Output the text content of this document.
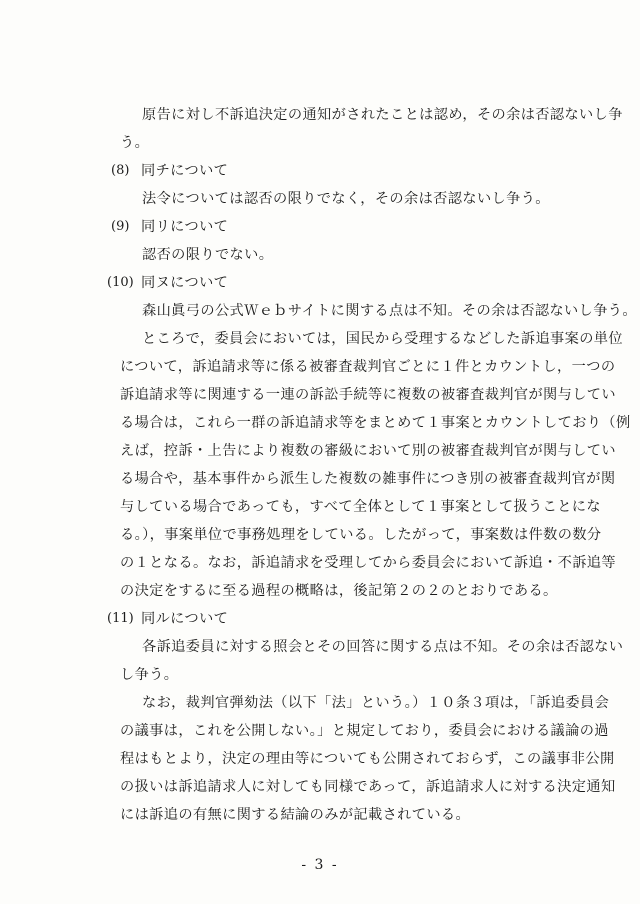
原告に対し不訴追決定の通知がされたことは認め，その余は否認ないし争
う。
(8) 同チについて
法令については認否の限りでなく，その余は否認ないし争う。
(9) 同リについて
認否の限りでない。
(10) 同ヌについて
森山眞弓の公式Ｗｅｂサイトに関する点は不知。その余は否認ないし争う。
ところで，委員会においては，国民から受理するなどした訴追事案の単位
について，訴追請求等に係る被審査裁判官ごとに１件とカウントし，一つの
訴追請求等に関連する一連の訴訟手続等に複数の被審査裁判官が関与してい
る場合は，これら一群の訴追請求等をまとめて１事案とカウントしており（例
えば，控訴・上告により複数の審級において別の被審査裁判官が関与してい
る場合や，基本事件から派生した複数の雑事件につき別の被審査裁判官が関
与している場合であっても，すべて全体として１事案として扱うことにな
る。），事案単位で事務処理をしている。したがって，事案数は件数の数分
の１となる。なお，訴追請求を受理してから委員会において訴追・不訴追等
の決定をするに至る過程の概略は，後記第２の２のとおりである。
(11) 同ルについて
各訴追委員に対する照会とその回答に関する点は不知。その余は否認ない
し争う。
なお，裁判官弾劾法（以下「法」という。）１０条３項は，「訴追委員会
の議事は，これを公開しない。」と規定しており，委員会における議論の過
程はもとより，決定の理由等についても公開されておらず，この議事非公開
の扱いは訴追請求人に対しても同様であって，訴追請求人に対する決定通知
には訴追の有無に関する結論のみが記載されている。
- 3 -
